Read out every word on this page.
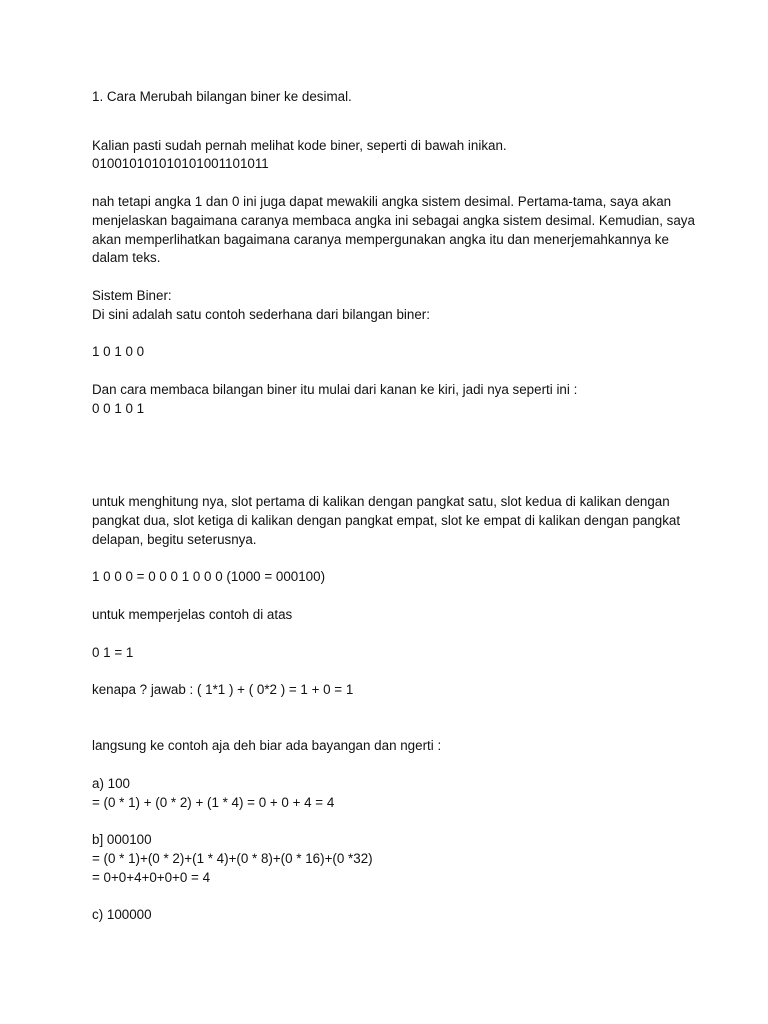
1. Cara Merubah bilangan biner ke desimal.
Kalian pasti sudah pernah melihat kode biner, seperti di bawah inikan.
010010101010101001101011
nah tetapi angka 1 dan 0 ini juga dapat mewakili angka sistem desimal. Pertama-tama, saya akan
menjelaskan bagaimana caranya membaca angka ini sebagai angka sistem desimal. Kemudian, saya
akan memperlihatkan bagaimana caranya mempergunakan angka itu dan menerjemahkannya ke
dalam teks.
Sistem Biner:
Di sini adalah satu contoh sederhana dari bilangan biner:
1 0 1 0 0
Dan cara membaca bilangan biner itu mulai dari kanan ke kiri, jadi nya seperti ini :
0 0 1 0 1
untuk menghitung nya, slot pertama di kalikan dengan pangkat satu, slot kedua di kalikan dengan
pangkat dua, slot ketiga di kalikan dengan pangkat empat, slot ke empat di kalikan dengan pangkat
delapan, begitu seterusnya.
1 0 0 0 = 0 0 0 1 0 0 0 (1000 = 000100)
untuk memperjelas contoh di atas
0 1 = 1
kenapa ? jawab : ( 1*1 ) + ( 0*2 ) = 1 + 0 = 1
langsung ke contoh aja deh biar ada bayangan dan ngerti :
a) 100
= (0 * 1) + (0 * 2) + (1 * 4) = 0 + 0 + 4 = 4
b] 000100
= (0 * 1)+(0 * 2)+(1 * 4)+(0 * 8)+(0 * 16)+(0 *32)
= 0+0+4+0+0+0 = 4
c) 100000
